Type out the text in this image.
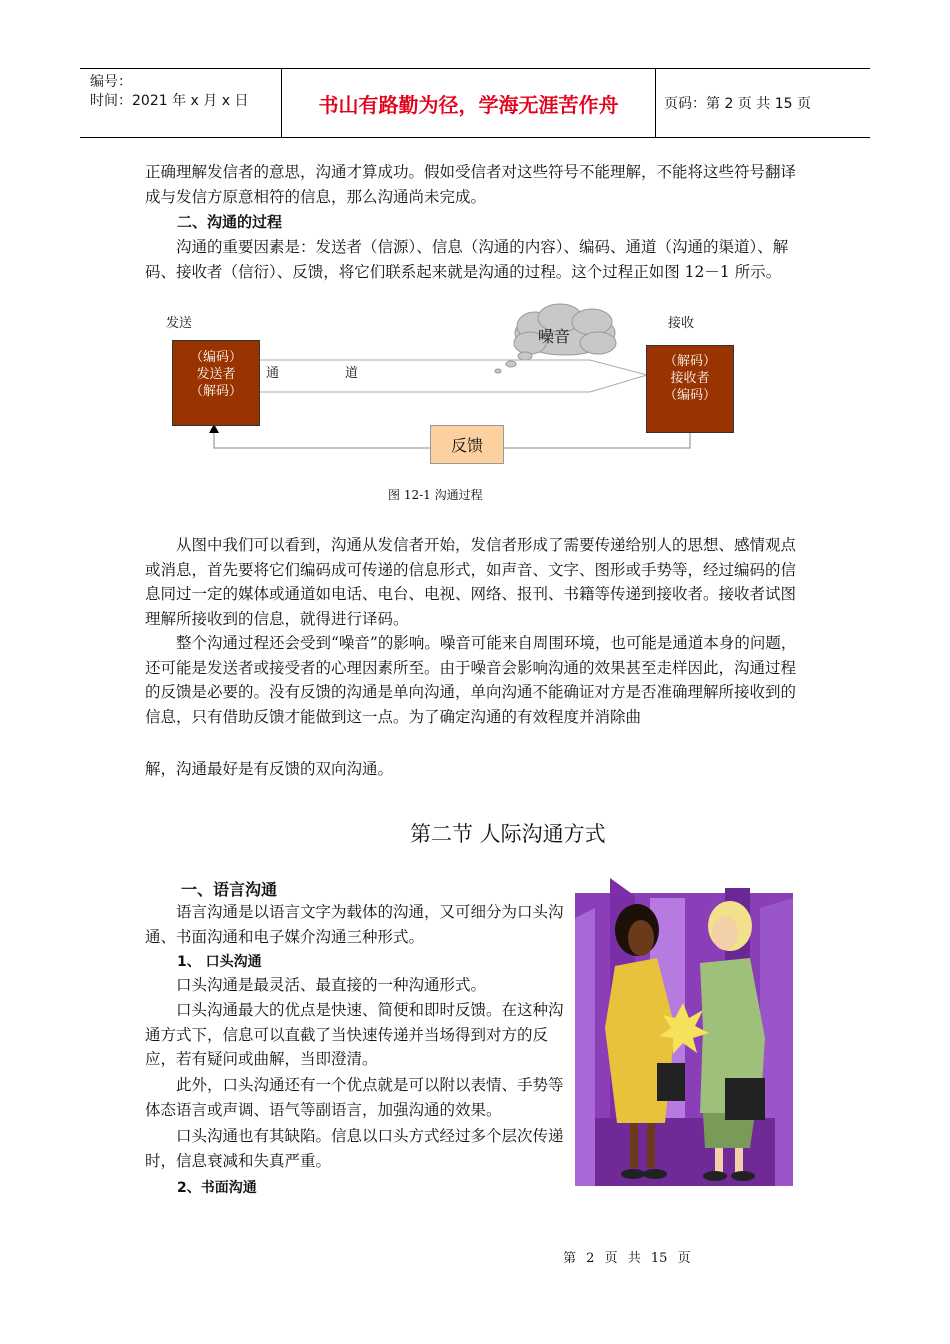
编号：
时间：2021 年 x 月 x 日	书山有路勤为径，学海无涯苦作舟	页码：第 2 页 共 15 页

正确理解发信者的意思，沟通才算成功。假如受信者对这些符号不能理解，不能将这些符号翻译成与发信方原意相符的信息，那么沟通尚未完成。

二、沟通的过程

沟通的重要因素是：发送者（信源）、信息（沟通的内容）、编码、通道（沟通的渠道）、解码、接收者（信衍）、反馈，将它们联系起来就是沟通的过程。这个过程正如图 12－1 所示。

发送	接收
（编码）
发送者
（解码）
（解码）
接收者
（编码）
通	道
噪音
反馈
图 12-1 沟通过程

从图中我们可以看到，沟通从发信者开始，发信者形成了需要传递给别人的思想、感情观点或消息，首先要将它们编码成可传递的信息形式，如声音、文字、图形或手势等，经过编码的信息同过一定的媒体或通道如电话、电台、电视、网络、报刊、书籍等传递到接收者。接收者试图理解所接收到的信息，就得进行译码。

整个沟通过程还会受到“噪音”的影响。噪音可能来自周围环境，也可能是通道本身的问题，还可能是发送者或接受者的心理因素所至。由于噪音会影响沟通的效果甚至走样因此，沟通过程的反馈是必要的。没有反馈的沟通是单向沟通，单向沟通不能确证对方是否准确理解所接收到的信息，只有借助反馈才能做到这一点。为了确定沟通的有效程度并消除曲

解，沟通最好是有反馈的双向沟通。

第二节 人际沟通方式
一、语言沟通

语言沟通是以语言文字为载体的沟通，又可细分为口头沟通、书面沟通和电子媒介沟通三种形式。

1、 口头沟通

口头沟通是最灵活、最直接的一种沟通形式。

口头沟通最大的优点是快速、简便和即时反馈。在这种沟通方式下，信息可以直截了当快速传递并当场得到对方的反应，若有疑问或曲解，当即澄清。

此外，口头沟通还有一个优点就是可以附以表情、手势等体态语言或声调、语气等副语言，加强沟通的效果。

口头沟通也有其缺陷。信息以口头方式经过多个层次传递时，信息衰减和失真严重。

2、书面沟通
第 2 页 共 15 页
